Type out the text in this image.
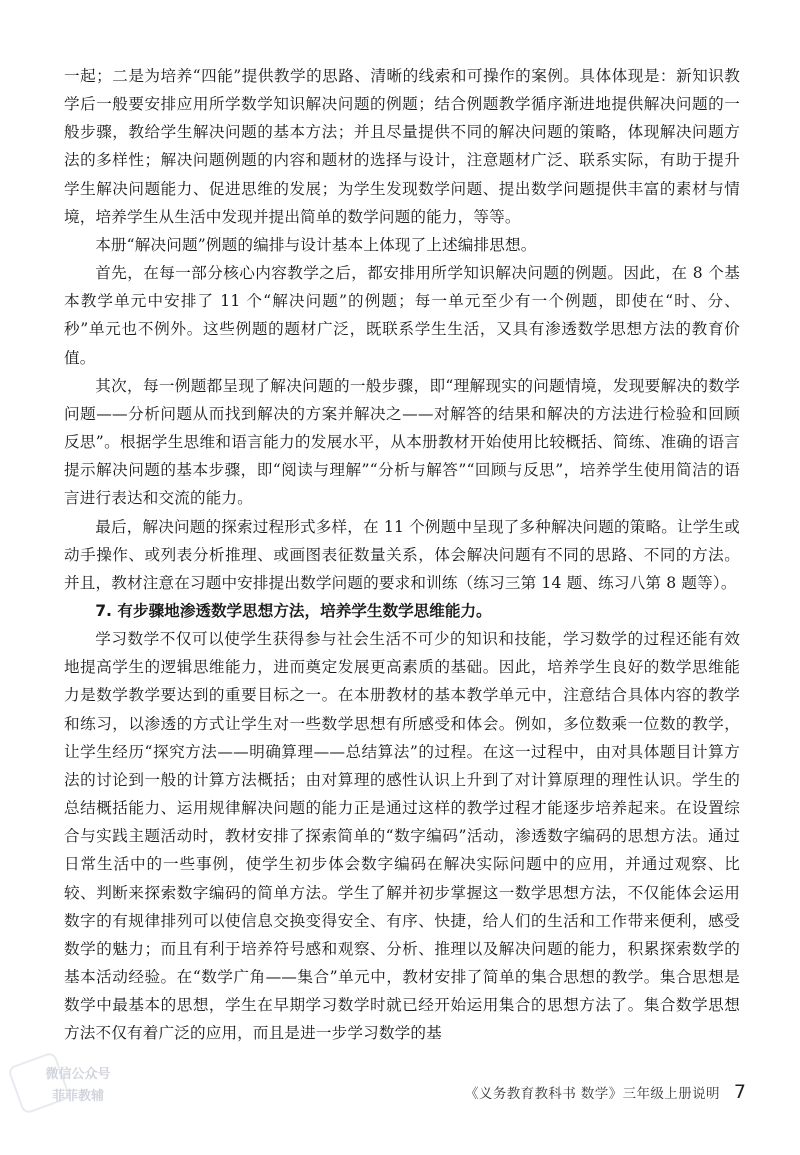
一起；二是为培养“四能”提供教学的思路、清晰的线索和可操作的案例。具体体现是：新知识教学后一般要安排应用所学数学知识解决问题的例题；结合例题教学循序渐进地提供解决问题的一般步骤，教给学生解决问题的基本方法；并且尽量提供不同的解决问题的策略，体现解决问题方法的多样性；解决问题例题的内容和题材的选择与设计，注意题材广泛、联系实际，有助于提升学生解决问题能力、促进思维的发展；为学生发现数学问题、提出数学问题提供丰富的素材与情境，培养学生从生活中发现并提出简单的数学问题的能力，等等。

本册“解决问题”例题的编排与设计基本上体现了上述编排思想。

首先，在每一部分核心内容教学之后，都安排用所学知识解决问题的例题。因此，在 8 个基本教学单元中安排了 11 个“解决问题”的例题；每一单元至少有一个例题，即使在“时、分、秒”单元也不例外。这些例题的题材广泛，既联系学生生活，又具有渗透数学思想方法的教育价值。

其次，每一例题都呈现了解决问题的一般步骤，即“理解现实的问题情境，发现要解决的数学问题——分析问题从而找到解决的方案并解决之——对解答的结果和解决的方法进行检验和回顾反思”。根据学生思维和语言能力的发展水平，从本册教材开始使用比较概括、简练、准确的语言提示解决问题的基本步骤，即“阅读与理解”“分析与解答”“回顾与反思”，培养学生使用简洁的语言进行表达和交流的能力。

最后，解决问题的探索过程形式多样，在 11 个例题中呈现了多种解决问题的策略。让学生或动手操作、或列表分析推理、或画图表征数量关系，体会解决问题有不同的思路、不同的方法。并且，教材注意在习题中安排提出数学问题的要求和训练（练习三第 14 题、练习八第 8 题等）。

7. 有步骤地渗透数学思想方法，培养学生数学思维能力。

学习数学不仅可以使学生获得参与社会生活不可少的知识和技能，学习数学的过程还能有效地提高学生的逻辑思维能力，进而奠定发展更高素质的基础。因此，培养学生良好的数学思维能力是数学教学要达到的重要目标之一。在本册教材的基本教学单元中，注意结合具体内容的教学和练习，以渗透的方式让学生对一些数学思想有所感受和体会。例如，多位数乘一位数的教学，让学生经历“探究方法——明确算理——总结算法”的过程。在这一过程中，由对具体题目计算方法的讨论到一般的计算方法概括；由对算理的感性认识上升到了对计算原理的理性认识。学生的总结概括能力、运用规律解决问题的能力正是通过这样的教学过程才能逐步培养起来。在设置综合与实践主题活动时，教材安排了探索简单的“数字编码”活动，渗透数字编码的思想方法。通过日常生活中的一些事例，使学生初步体会数字编码在解决实际问题中的应用，并通过观察、比较、判断来探索数字编码的简单方法。学生了解并初步掌握这一数学思想方法，不仅能体会运用数字的有规律排列可以使信息交换变得安全、有序、快捷，给人们的生活和工作带来便利，感受数学的魅力；而且有利于培养符号感和观察、分析、推理以及解决问题的能力，积累探索数学的基本活动经验。在“数学广角——集合”单元中，教材安排了简单的集合思想的教学。集合思想是数学中最基本的思想，学生在早期学习数学时就已经开始运用集合的思想方法了。集合数学思想方法不仅有着广泛的应用，而且是进一步学习数学的基

微信公众号
菲菲教辅	《义务教育教科书 数学》三年级上册说明 7
